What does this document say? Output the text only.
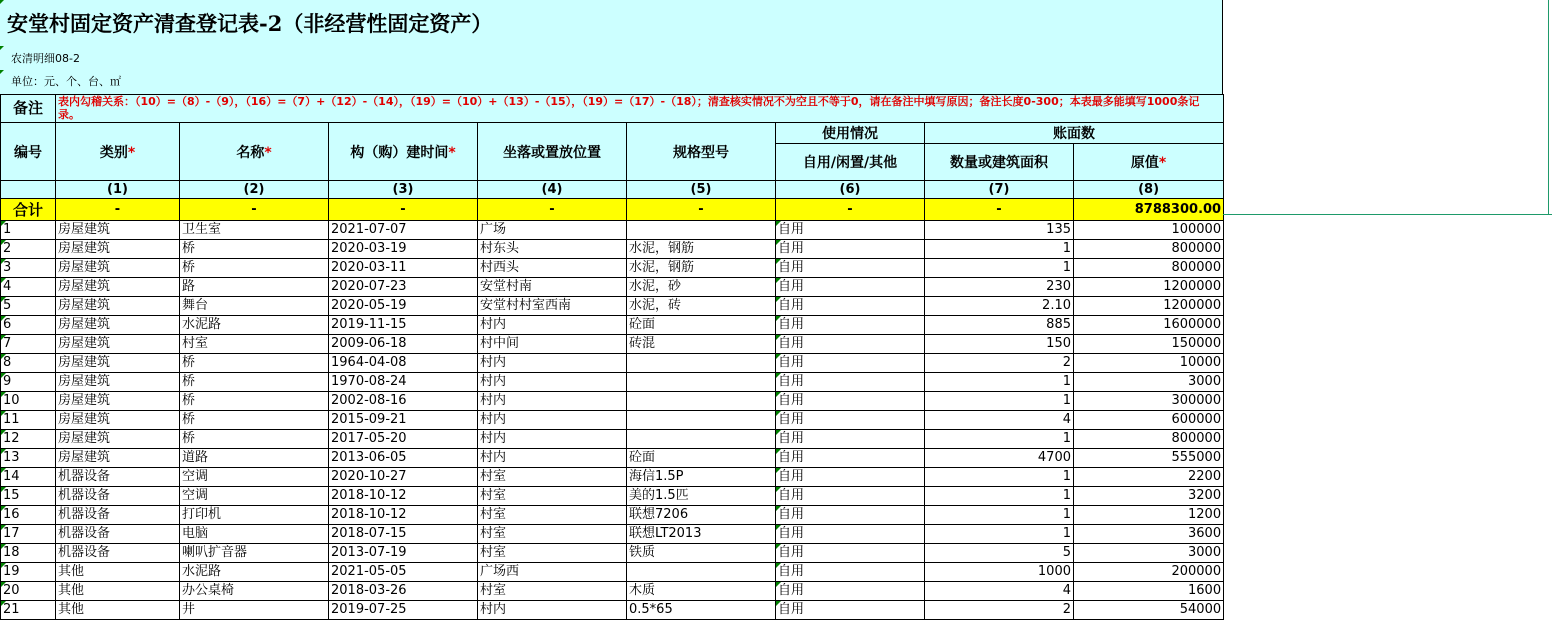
安堂村固定资产清查登记表-2（非经营性固定资产）
农清明细08-2
单位：元、个、台、㎡
备注	表内勾稽关系：（10）=（8）-（9），（16）=（7）+（12）-（14），（19）=（10）+（13）-（15），（19）=（17）-（18）；清查核实情况不为空且不等于0，请在备注中填写原因；备注长度0-300；本表最多能填写1000条记录。							
编号	类别*	名称*	构（购）建时间*	坐落或置放位置	规格型号	使用情况	账面数	
						自用/闲置/其他	数量或建筑面积	原值*
	(1)	(2)	(3)	(4)	(5)	(6)	(7)	(8)
合计	-	-	-	-	-	-	-	8788300.00
1	房屋建筑	卫生室	2021-07-07	广场		自用	135	100000
2	房屋建筑	桥	2020-03-19	村东头	水泥，钢筋	自用	1	800000
3	房屋建筑	桥	2020-03-11	村西头	水泥，钢筋	自用	1	800000
4	房屋建筑	路	2020-07-23	安堂村南	水泥，砂	自用	230	1200000
5	房屋建筑	舞台	2020-05-19	安堂村村室西南	水泥，砖	自用	2.10	1200000
6	房屋建筑	水泥路	2019-11-15	村内	砼面	自用	885	1600000
7	房屋建筑	村室	2009-06-18	村中间	砖混	自用	150	150000
8	房屋建筑	桥	1964-04-08	村内		自用	2	10000
9	房屋建筑	桥	1970-08-24	村内		自用	1	3000
10	房屋建筑	桥	2002-08-16	村内		自用	1	300000
11	房屋建筑	桥	2015-09-21	村内		自用	4	600000
12	房屋建筑	桥	2017-05-20	村内		自用	1	800000
13	房屋建筑	道路	2013-06-05	村内	砼面	自用	4700	555000
14	机器设备	空调	2020-10-27	村室	海信1.5P	自用	1	2200
15	机器设备	空调	2018-10-12	村室	美的1.5匹	自用	1	3200
16	机器设备	打印机	2018-10-12	村室	联想7206	自用	1	1200
17	机器设备	电脑	2018-07-15	村室	联想LT2013	自用	1	3600
18	机器设备	喇叭扩音器	2013-07-19	村室	铁质	自用	5	3000
19	其他	水泥路	2021-05-05	广场西		自用	1000	200000
20	其他	办公桌椅	2018-03-26	村室	木质	自用	4	1600
21	其他	井	2019-07-25	村内	0.5*65	自用	2	54000
